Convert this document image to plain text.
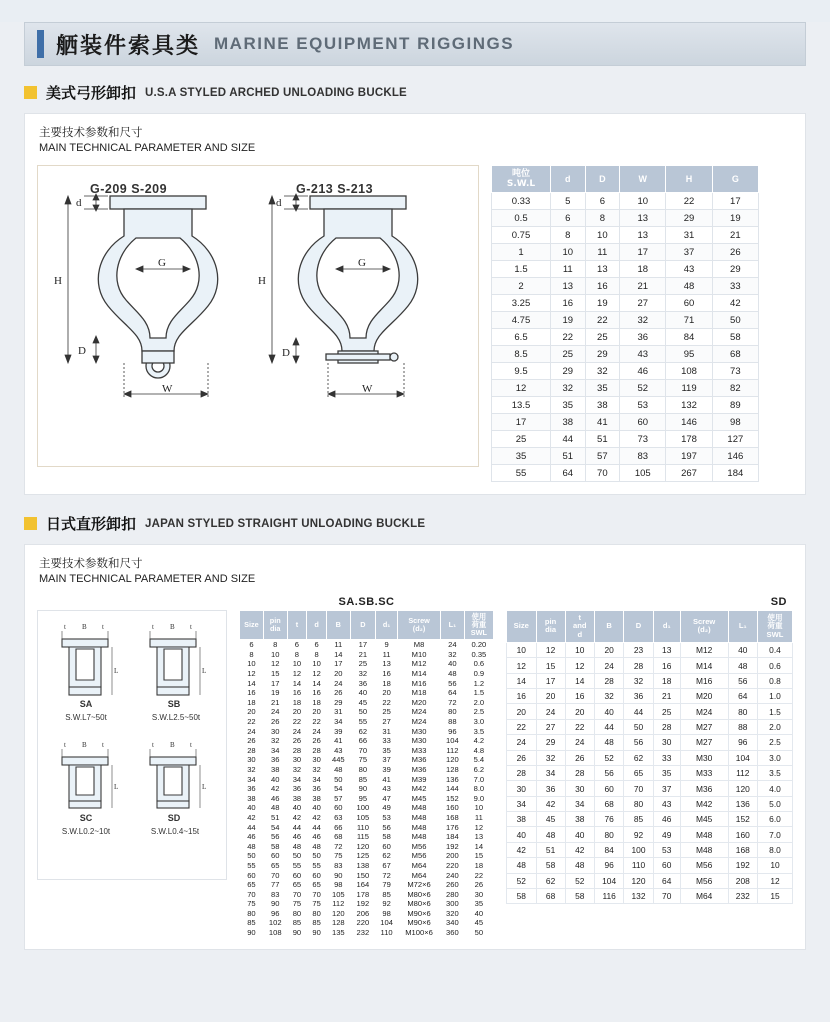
舾装件索具类 MARINE EQUIPMENT RIGGINGS
美式弓形卸扣 U.S.A STYLED ARCHED UNLOADING BUCKLE
主要技术参数和尺寸
MAIN TECHNICAL PARAMETER AND SIZE
G-209 S-209	G-213 S-213
d
H
D
G
W
d
H
D
G
W
吨位
S.W.L	d	D	W	H	G
0.33	5	6	10	22	17
0.5	6	8	13	29	19
0.75	8	10	13	31	21
1	10	11	17	37	26
1.5	11	13	18	43	29
2	13	16	21	48	33
3.25	16	19	27	60	42
4.75	19	22	32	71	50
6.5	22	25	36	84	58
8.5	25	29	43	95	68
9.5	29	32	46	108	73
12	32	35	52	119	82
13.5	35	38	53	132	89
17	38	41	60	146	98
25	44	51	73	178	127
35	51	57	83	197	146
55	64	70	105	267	184
日式直形卸扣 JAPAN STYLED STRAIGHT UNLOADING BUCKLE
主要技术参数和尺寸
MAIN TECHNICAL PARAMETER AND SIZE
t B t	t B t
t B t	t B t
L	L
L	L
SA	SB
S.W.L7~50t	S.W.L2.5~50t
SC	SD
S.W.L0.2~10t	S.W.L0.4~15t
SA.SB.SC
Size	pin
dia	t	d	B	D	d₁	Screw
(d₂)	L₁	使用
荷重
SWL
6	8	6	6	11	17	9	M8	24	0.20
8	10	8	8	14	21	11	M10	32	0.35
10	12	10	10	17	25	13	M12	40	0.6
12	15	12	12	20	32	16	M14	48	0.9
14	17	14	14	24	36	18	M16	56	1.2
16	19	16	16	26	40	20	M18	64	1.5
18	21	18	18	29	45	22	M20	72	2.0
20	24	20	20	31	50	25	M24	80	2.5
22	26	22	22	34	55	27	M24	88	3.0
24	30	24	24	39	62	31	M30	96	3.5
26	32	26	26	41	66	33	M30	104	4.2
28	34	28	28	43	70	35	M33	112	4.8
30	36	30	30	445	75	37	M36	120	5.4
32	38	32	32	48	80	39	M36	128	6.2
34	40	34	34	50	85	41	M39	136	7.0
36	42	36	36	54	90	43	M42	144	8.0
38	46	38	38	57	95	47	M45	152	9.0
40	48	40	40	60	100	49	M48	160	10
42	51	42	42	63	105	53	M48	168	11
44	54	44	44	66	110	56	M48	176	12
46	56	46	46	68	115	58	M48	184	13
48	58	48	48	72	120	60	M56	192	14
50	60	50	50	75	125	62	M56	200	15
55	65	55	55	83	138	67	M64	220	18
60	70	60	60	90	150	72	M64	240	22
65	77	65	65	98	164	79	M72×6	260	26
70	83	70	70	105	178	85	M80×6	280	30
75	90	75	75	112	192	92	M80×6	300	35
80	96	80	80	120	206	98	M90×6	320	40
85	102	85	85	128	220	104	M90×6	340	45
90	108	90	90	135	232	110	M100×6	360	50
SD
Size	pin
dia	t
and
d	B	D	d₁	Screw
(d₂)	L₁	使用
荷重
SWL
10	12	10	20	23	13	M12	40	0.4
12	15	12	24	28	16	M14	48	0.6
14	17	14	28	32	18	M16	56	0.8
16	20	16	32	36	21	M20	64	1.0
20	24	20	40	44	25	M24	80	1.5
22	27	22	44	50	28	M27	88	2.0
24	29	24	48	56	30	M27	96	2.5
26	32	26	52	62	33	M30	104	3.0
28	34	28	56	65	35	M33	112	3.5
30	36	30	60	70	37	M36	120	4.0
34	42	34	68	80	43	M42	136	5.0
38	45	38	76	85	46	M45	152	6.0
40	48	40	80	92	49	M48	160	7.0
42	51	42	84	100	53	M48	168	8.0
48	58	48	96	110	60	M56	192	10
52	62	52	104	120	64	M56	208	12
58	68	58	116	132	70	M64	232	15
